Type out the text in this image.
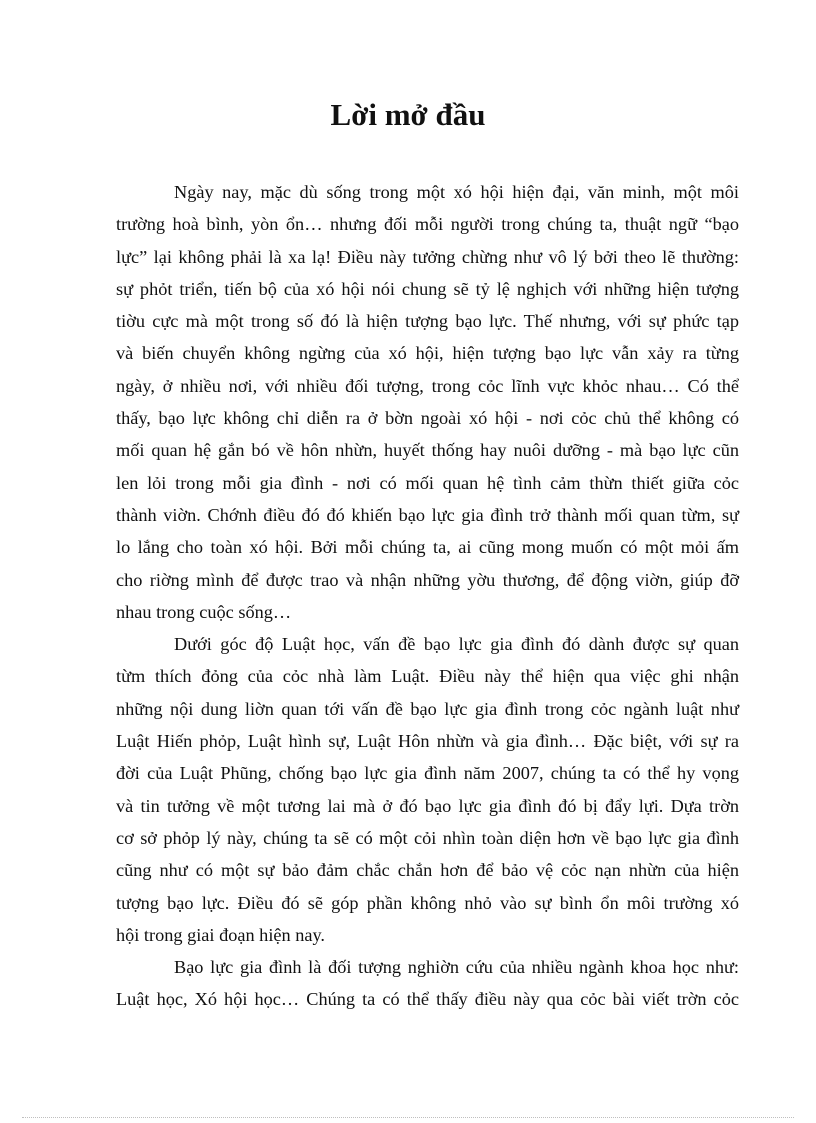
Lời mở đầu

Ngày nay, mặc dù sống trong một xó hội hiện đại, văn minh, một môi
trường hoà bình, yòn ổn… nhưng đối mỗi người trong chúng ta, thuật ngữ “bạo
lực” lại không phải là xa lạ! Điều này tưởng chừng như vô lý bởi theo lẽ thường:
sự phỏt triển, tiến bộ của xó hội nói chung sẽ tỷ lệ nghịch với những hiện tượng
tiờu cực mà một trong số đó là hiện tượng bạo lực. Thế nhưng, với sự phức tạp
và biến chuyển không ngừng của xó hội, hiện tượng bạo lực vẫn xảy ra từng
ngày, ở nhiều nơi, với nhiều đối tượng, trong cỏc lĩnh vực khỏc nhau… Có thể
thấy, bạo lực không chỉ diễn ra ở bờn ngoài xó hội - nơi cỏc chủ thể không có
mối quan hệ gắn bó về hôn nhừn, huyết thống hay nuôi dưỡng - mà bạo lực cũn
len lỏi trong mỗi gia đình - nơi có mối quan hệ tình cảm thừn thiết giữa cỏc
thành viờn. Chớnh điều đó đó khiến bạo lực gia đình trở thành mối quan từm, sự
lo lắng cho toàn xó hội. Bởi mỗi chúng ta, ai cũng mong muốn có một mỏi ấm
cho riờng mình để được trao và nhận những yờu thương, để động viờn, giúp đỡ
nhau trong cuộc sống…

Dưới góc độ Luật học, vấn đề bạo lực gia đình đó dành được sự quan
từm thích đỏng của cỏc nhà làm Luật. Điều này thể hiện qua việc ghi nhận
những nội dung liờn quan tới vấn đề bạo lực gia đình trong cỏc ngành luật như
Luật Hiến phỏp, Luật hình sự, Luật Hôn nhừn và gia đình… Đặc biệt, với sự ra
đời của Luật Phũng, chống bạo lực gia đình năm 2007, chúng ta có thể hy vọng
và tin tưởng về một tương lai mà ở đó bạo lực gia đình đó bị đẩy lựi. Dựa trờn
cơ sở phỏp lý này, chúng ta sẽ có một cỏi nhìn toàn diện hơn về bạo lực gia đình
cũng như có một sự bảo đảm chắc chắn hơn để bảo vệ cỏc nạn nhừn của hiện
tượng bạo lực. Điều đó sẽ góp phần không nhỏ vào sự bình ổn môi trường xó
hội trong giai đoạn hiện nay.

Bạo lực gia đình là đối tượng nghiờn cứu của nhiều ngành khoa học như:
Luật học, Xó hội học… Chúng ta có thể thấy điều này qua cỏc bài viết trờn cỏc
